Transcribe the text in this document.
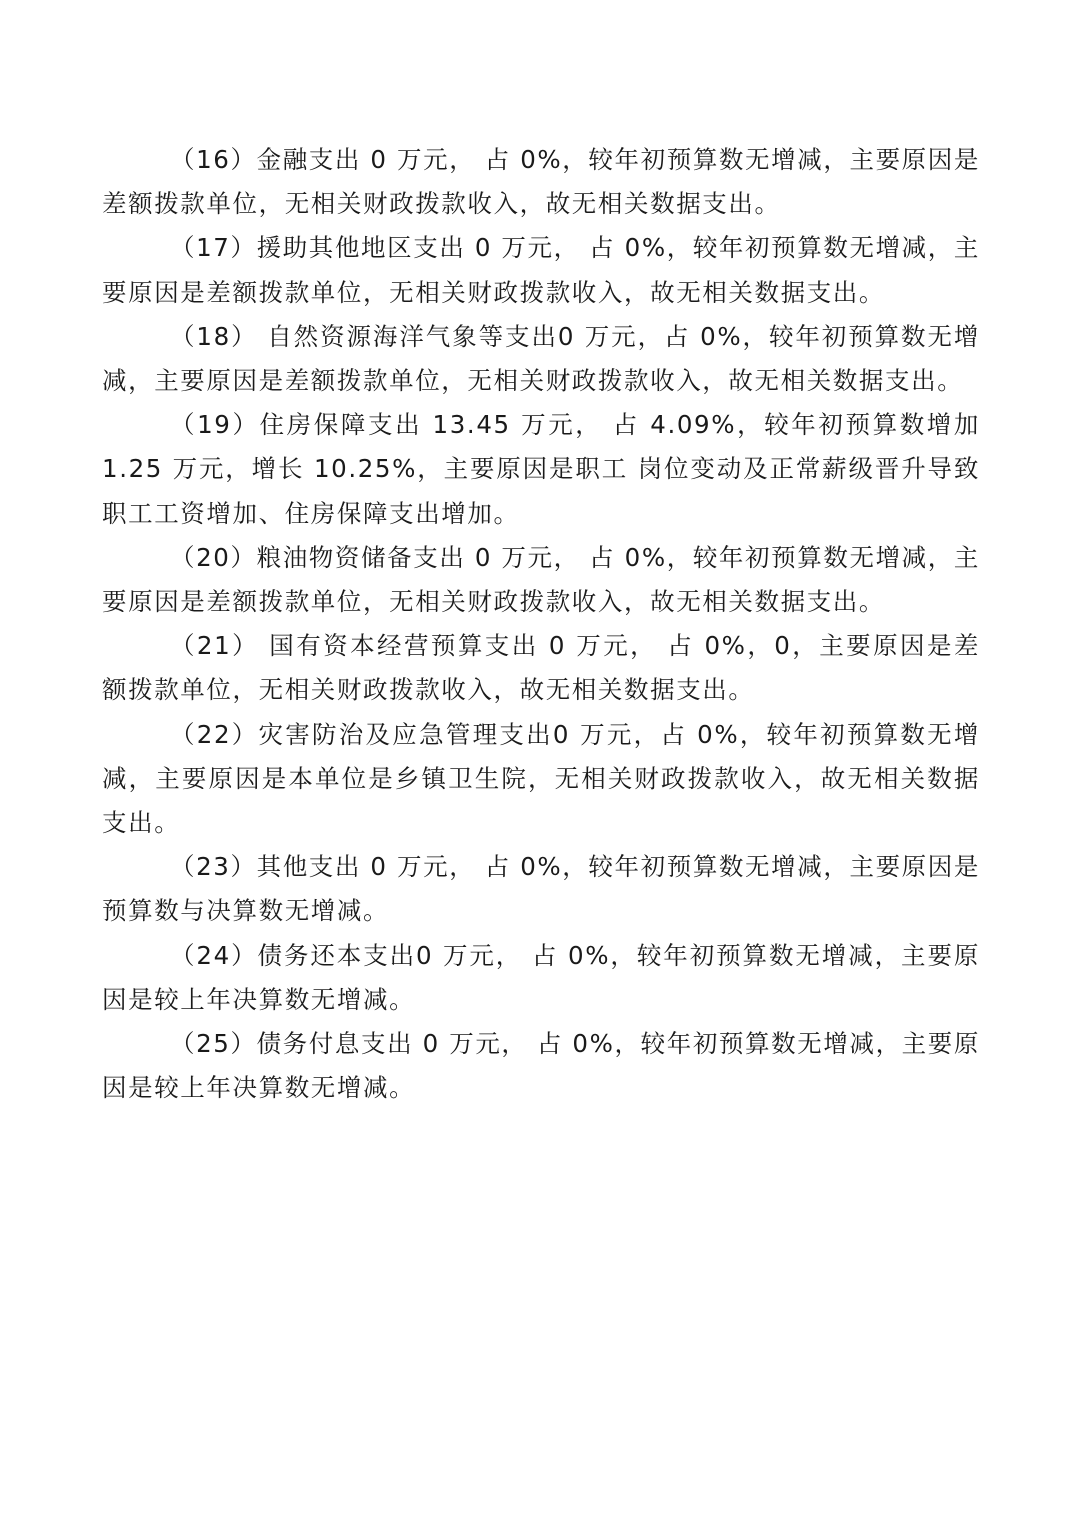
（16）金融支出 0 万元， 占 0%，较年初预算数无增减，主要原因是差额拨款单位，无相关财政拨款收入，故无相关数据支出。

（17）援助其他地区支出 0 万元， 占 0%，较年初预算数无增减，主要原因是差额拨款单位，无相关财政拨款收入，故无相关数据支出。

（18） 自然资源海洋气象等支出0 万元，占 0%，较年初预算数无增减，主要原因是差额拨款单位，无相关财政拨款收入，故无相关数据支出。

（19）住房保障支出 13.45 万元， 占 4.09%，较年初预算数增加1.25 万元，增长 10.25%，主要原因是职工 岗位变动及正常薪级晋升导致职工工资增加、住房保障支出增加。

（20）粮油物资储备支出 0 万元， 占 0%，较年初预算数无增减，主要原因是差额拨款单位，无相关财政拨款收入，故无相关数据支出。

（21） 国有资本经营预算支出 0 万元， 占 0%，0，主要原因是差额拨款单位，无相关财政拨款收入，故无相关数据支出。

（22）灾害防治及应急管理支出0 万元，占 0%，较年初预算数无增减，主要原因是本单位是乡镇卫生院，无相关财政拨款收入，故无相关数据支出。

（23）其他支出 0 万元， 占 0%，较年初预算数无增减，主要原因是预算数与决算数无增减。

（24）债务还本支出0 万元， 占 0%，较年初预算数无增减，主要原因是较上年决算数无增减。

（25）债务付息支出 0 万元， 占 0%，较年初预算数无增减，主要原因是较上年决算数无增减。
